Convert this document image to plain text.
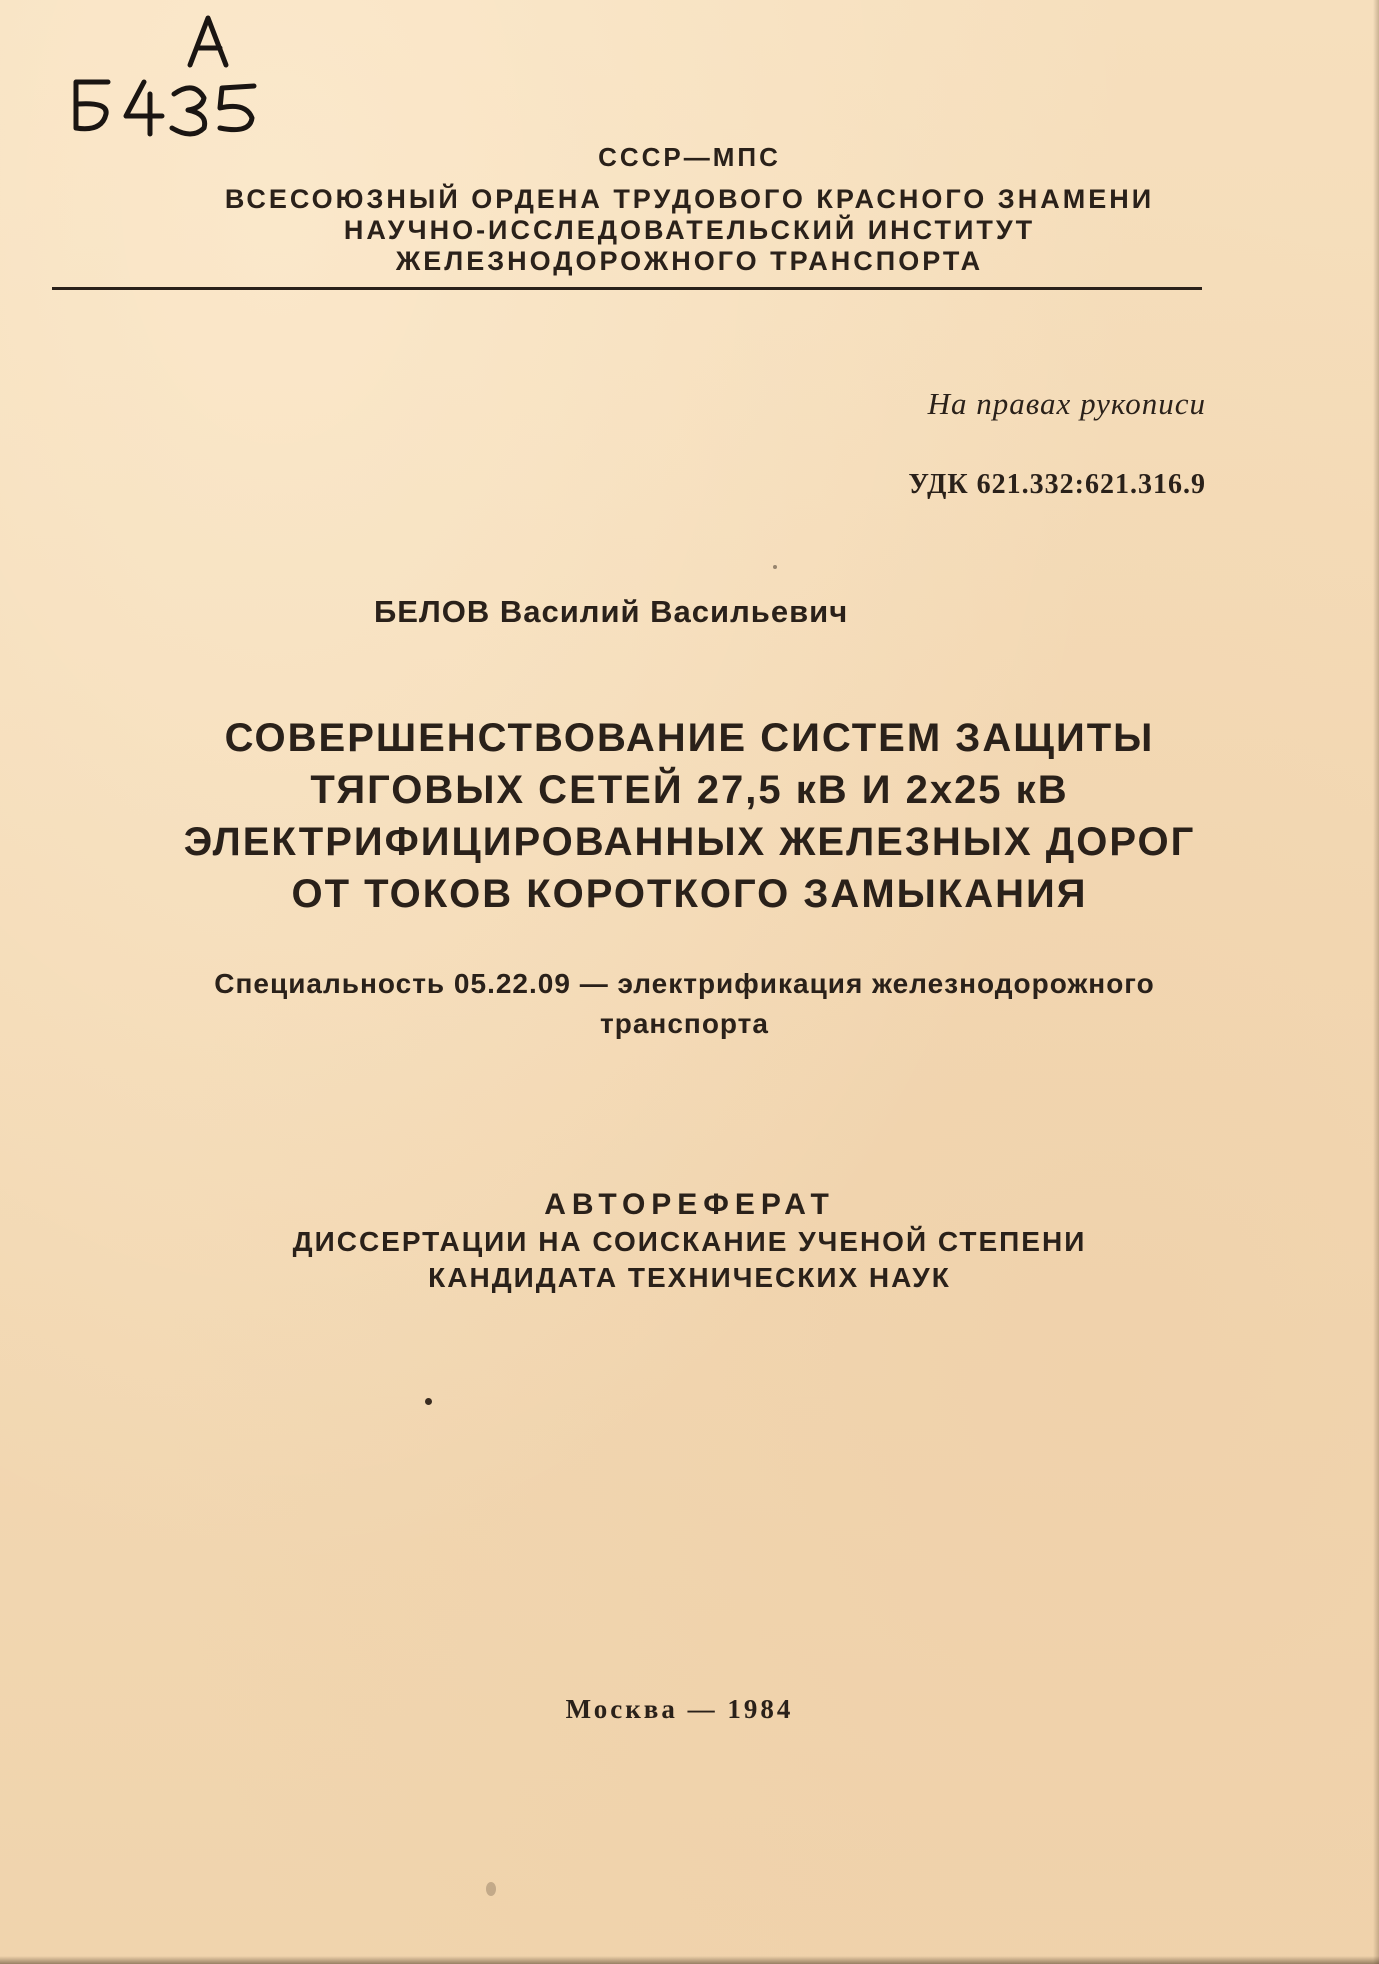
СССР—МПС
ВСЕСОЮЗНЫЙ ОРДЕНА ТРУДОВОГО КРАСНОГО ЗНАМЕНИ
НАУЧНО-ИССЛЕДОВАТЕЛЬСКИЙ ИНСТИТУТ
ЖЕЛЕЗНОДОРОЖНОГО ТРАНСПОРТА
На правах рукописи
УДК 621.332:621.316.9
БЕЛОВ Василий Васильевич
СОВЕРШЕНСТВОВАНИЕ СИСТЕМ ЗАЩИТЫ
ТЯГОВЫХ СЕТЕЙ 27,5 кВ И 2х25 кВ
ЭЛЕКТРИФИЦИРОВАННЫХ ЖЕЛЕЗНЫХ ДОРОГ
ОТ ТОКОВ КОРОТКОГО ЗАМЫКАНИЯ
Специальность 05.22.09 — электрификация железнодорожного
транспорта
АВТОРЕФЕРАТ
ДИССЕРТАЦИИ НА СОИСКАНИЕ УЧЕНОЙ СТЕПЕНИ
КАНДИДАТА ТЕХНИЧЕСКИХ НАУК
Москва — 1984
